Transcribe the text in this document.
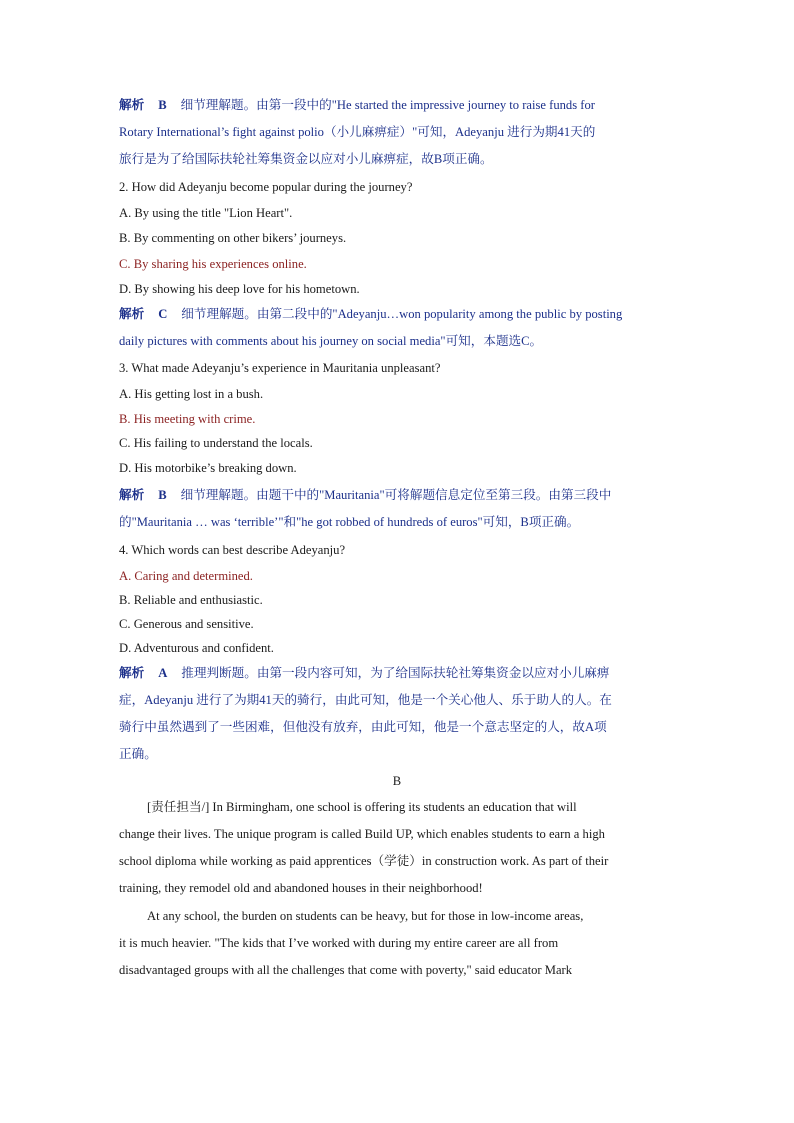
解析 B 细节理解题。由第一段中的"He started the impressive journey to raise funds for
Rotary International’s fight against polio（小儿麻痹症）"可知，Adeyanju 进行为期41天的
旅行是为了给国际扶轮社筹集资金以应对小儿麻痹症，故B项正确。
2. How did Adeyanju become popular during the journey?
A. By using the title "Lion Heart".
B. By commenting on other bikers’ journeys.
C. By sharing his experiences online.
D. By showing his deep love for his hometown.
解析 C 细节理解题。由第二段中的"Adeyanju…won popularity among the public by posting
daily pictures with comments about his journey on social media"可知，本题选C。
3. What made Adeyanju’s experience in Mauritania unpleasant?
A. His getting lost in a bush.
B. His meeting with crime.
C. His failing to understand the locals.
D. His motorbike’s breaking down.
解析 B 细节理解题。由题干中的"Mauritania"可将解题信息定位至第三段。由第三段中
的"Mauritania … was ‘terrible’"和"he got robbed of hundreds of euros"可知，B项正确。
4. Which words can best describe Adeyanju?
A. Caring and determined.
B. Reliable and enthusiastic.
C. Generous and sensitive.
D. Adventurous and confident.
解析 A 推理判断题。由第一段内容可知，为了给国际扶轮社筹集资金以应对小儿麻痹
症，Adeyanju 进行了为期41天的骑行，由此可知，他是一个关心他人、乐于助人的人。在
骑行中虽然遇到了一些困难，但他没有放弃，由此可知，他是一个意志坚定的人，故A项
正确。
B
[责任担当/] In Birmingham, one school is offering its students an education that will
change their lives. The unique program is called Build UP, which enables students to earn a high
school diploma while working as paid apprentices（学徒）in construction work. As part of their
training, they remodel old and abandoned houses in their neighborhood!
At any school, the burden on students can be heavy, but for those in low-income areas,
it is much heavier. "The kids that I’ve worked with during my entire career are all from
disadvantaged groups with all the challenges that come with poverty," said educator Mark
